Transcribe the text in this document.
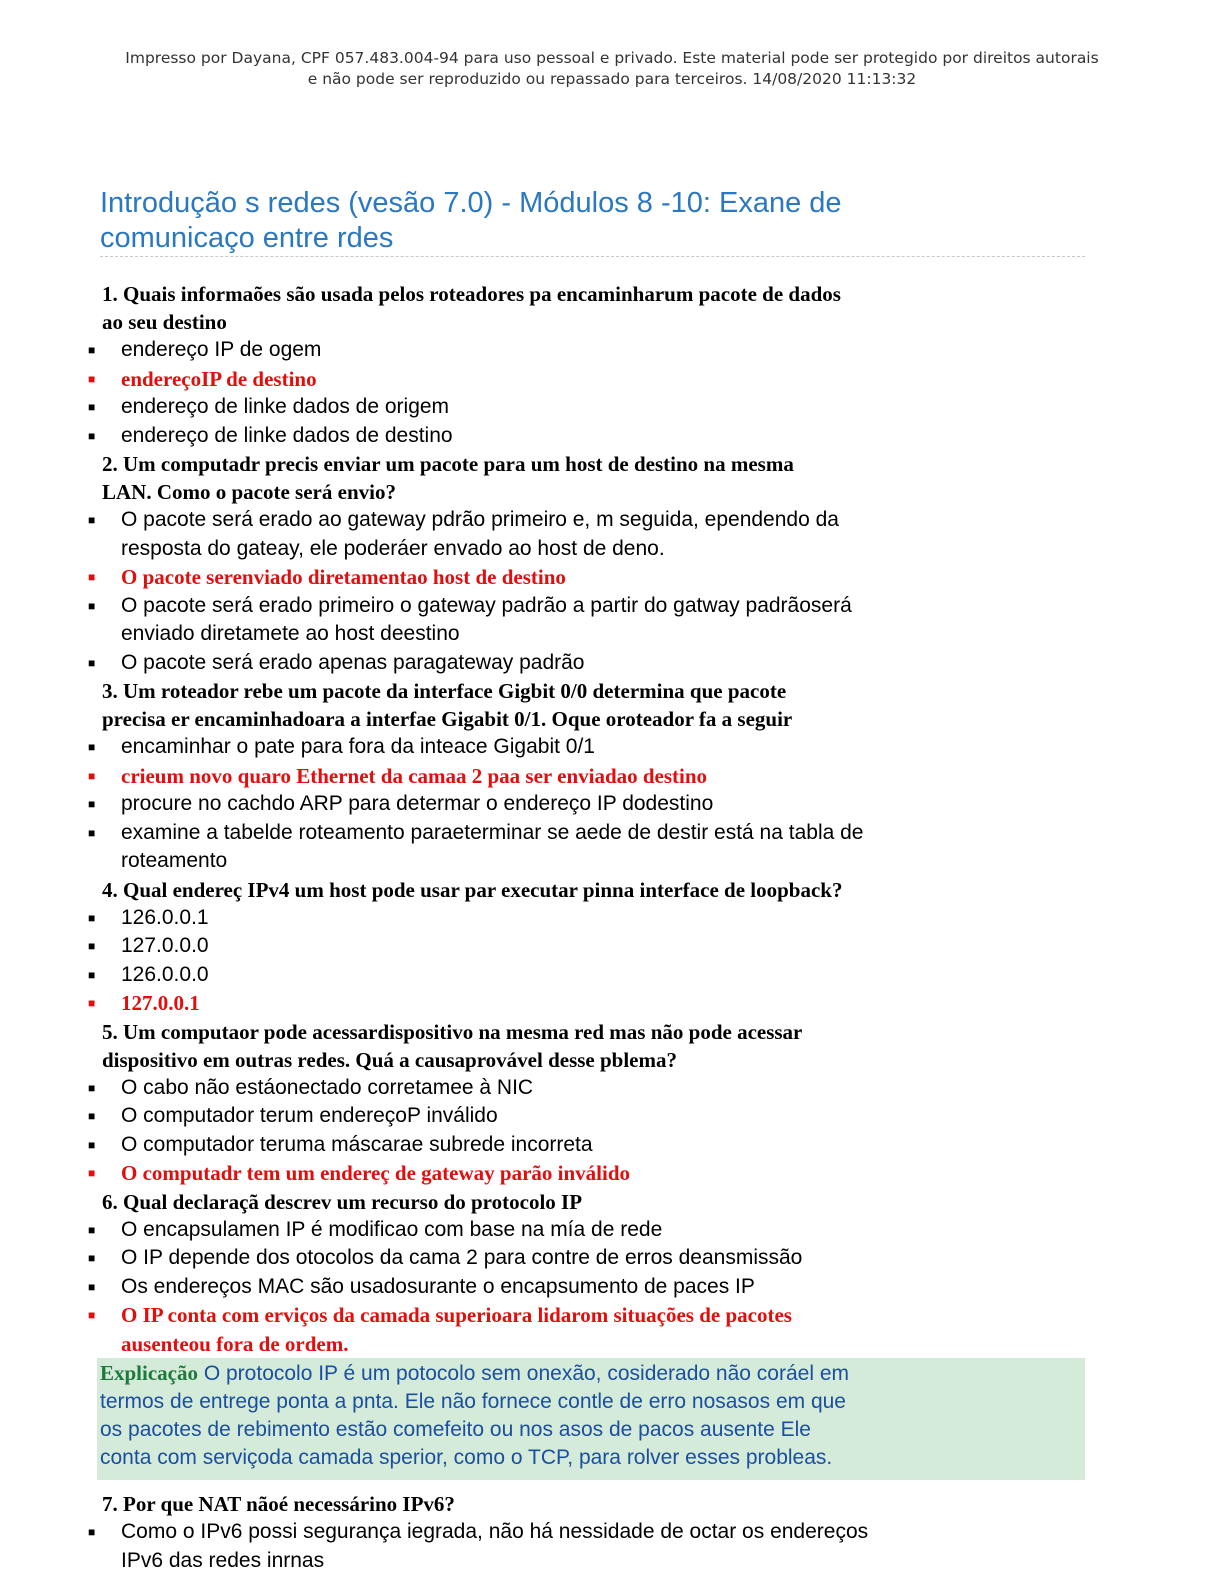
Impresso por Dayana, CPF 057.483.004-94 para uso pessoal e privado. Este material pode ser protegido por direitos autorais
e não pode ser reproduzido ou repassado para terceiros. 14/08/2020 11:13:32
Introdução s redes (vesão 7.0) - Módulos 8 -10: Exane de
comunicaço entre rdes

1. Quais informaões são usada pelos roteadores pa encaminharum pacote de dados
ao seu destino

■ endereço IP de ogem
■ endereçoIP de destino
■ endereço de linke dados de origem
■ endereço de linke dados de destino

2. Um computadr precis enviar um pacote para um host de destino na mesma
LAN. Como o pacote será envio?

■ O pacote será erado ao gateway pdrão primeiro e, m seguida, ependendo da
resposta do gateay, ele poderáer envado ao host de deno.
■ O pacote serenviado diretamentao host de destino
■ O pacote será erado primeiro o gateway padrão a partir do gatway padrãoserá
enviado diretamete ao host deestino
■ O pacote será erado apenas paragateway padrão

3. Um roteador rebe um pacote da interface Gigbit 0/0 determina que pacote
precisa er encaminhadoara a interfae Gigabit 0/1. Oque oroteador fa a seguir

■ encaminhar o pate para fora da inteace Gigabit 0/1
■ crieum novo quaro Ethernet da camaa 2 paa ser enviadao destino
■ procure no cachdo ARP para determar o endereço IP dodestino
■ examine a tabelde roteamento paraeterminar se aede de destir está na tabla de
roteamento

4. Qual endereç IPv4 um host pode usar par executar pinna interface de loopback?

■ 126.0.0.1
■ 127.0.0.0
■ 126.0.0.0
■ 127.0.0.1

5. Um computaor pode acessardispositivo na mesma red mas não pode acessar
dispositivo em outras redes. Quá a causaprovável desse pblema?

■ O cabo não estáonectado corretamee à NIC
■ O computador terum endereçoP inválido
■ O computador teruma máscarae subrede incorreta
■ O computadr tem um endereç de gateway parão inválido

6. Qual declaraçã descrev um recurso do protocolo IP

■ O encapsulamen IP é modificao com base na mía de rede
■ O IP depende dos otocolos da cama 2 para contre de erros deansmissão
■ Os endereços MAC são usadosurante o encapsumento de paces IP
■ O IP conta com erviços da camada superioara lidarom situações de pacotes
ausenteou fora de ordem.
Explicação O protocolo IP é um potocolo sem onexão, cosiderado não coráel em
termos de entrege ponta a pnta. Ele não fornece contle de erro nosasos em que
os pacotes de rebimento estão comefeito ou nos asos de pacos ausente Ele
conta com serviçoda camada sperior, como o TCP, para rolver esses probleas.

7. Por que NAT nãoé necessárino IPv6?

■ Como o IPv6 possi segurança iegrada, não há nessidade de octar os endereços
IPv6 das redes inrnas
